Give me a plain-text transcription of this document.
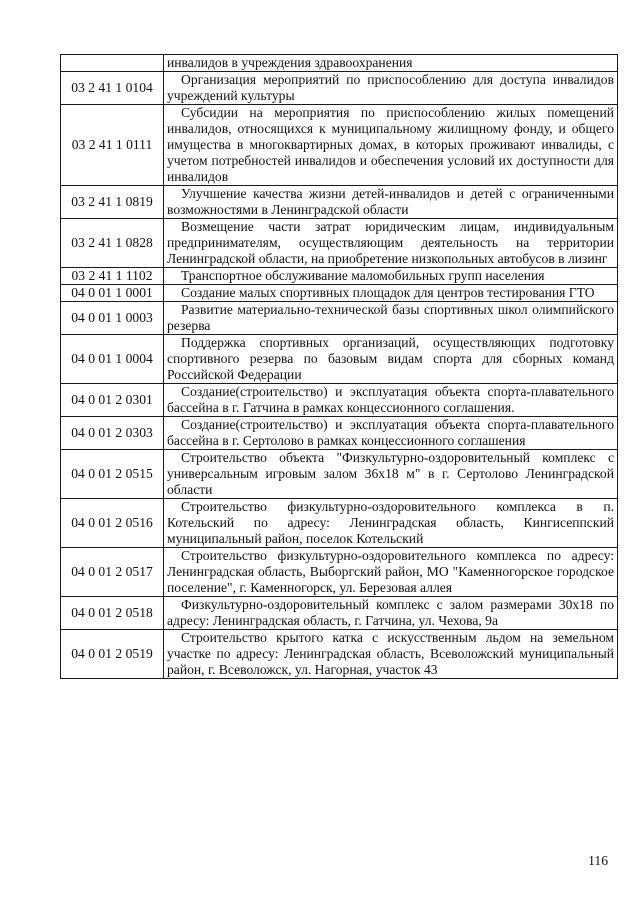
	инвалидов в учреждения здравоохранения
03 2 41 1 0104	Организация мероприятий по приспособлению для доступа инвалидов учреждений культуры
03 2 41 1 0111	Субсидии на мероприятия по приспособлению жилых помещений инвалидов, относящихся к муниципальному жилищному фонду, и общего имущества в многоквартирных домах, в которых проживают инвалиды, с учетом потребностей инвалидов и обеспечения условий их доступности для инвалидов
03 2 41 1 0819	Улучшение качества жизни детей-инвалидов и детей с ограниченными возможностями в Ленинградской области
03 2 41 1 0828	Возмещение части затрат юридическим лицам, индивидуальным предпринимателям, осуществляющим деятельность на территории Ленинградской области, на приобретение низкопольных автобусов в лизинг
03 2 41 1 1102	Транспортное обслуживание маломобильных групп населения
04 0 01 1 0001	Создание малых спортивных площадок для центров тестирования ГТО
04 0 01 1 0003	Развитие материально-технической базы спортивных школ олимпийского резерва
04 0 01 1 0004	Поддержка спортивных организаций, осуществляющих подготовку спортивного резерва по базовым видам спорта для сборных команд Российской Федерации
04 0 01 2 0301	Создание(строительство) и эксплуатация объекта спорта-плавательного бассейна в г. Гатчина в рамках концессионного соглашения.
04 0 01 2 0303	Создание(строительство) и эксплуатация объекта спорта-плавательного бассейна в г. Сертолово в рамках концессионного соглашения
04 0 01 2 0515	Строительство объекта "Физкультурно-оздоровительный комплекс с универсальным игровым залом 36х18 м" в г. Сертолово Ленинградской области
04 0 01 2 0516	Строительство физкультурно-оздоровительного комплекса в п. Котельский по адресу: Ленинградская область, Кингисеппский муниципальный район, поселок Котельский
04 0 01 2 0517	Строительство физкультурно-оздоровительного комплекса по адресу: Ленинградская область, Выборгский район, МО "Каменногорское городское поселение", г. Каменногорск, ул. Березовая аллея
04 0 01 2 0518	Физкультурно-оздоровительный комплекс с залом размерами 30х18 по адресу: Ленинградская область, г. Гатчина, ул. Чехова, 9а
04 0 01 2 0519	Строительство крытого катка с искусственным льдом на земельном участке по адресу: Ленинградская область, Всеволожский муниципальный район, г. Всеволожск, ул. Нагорная, участок 43
116
